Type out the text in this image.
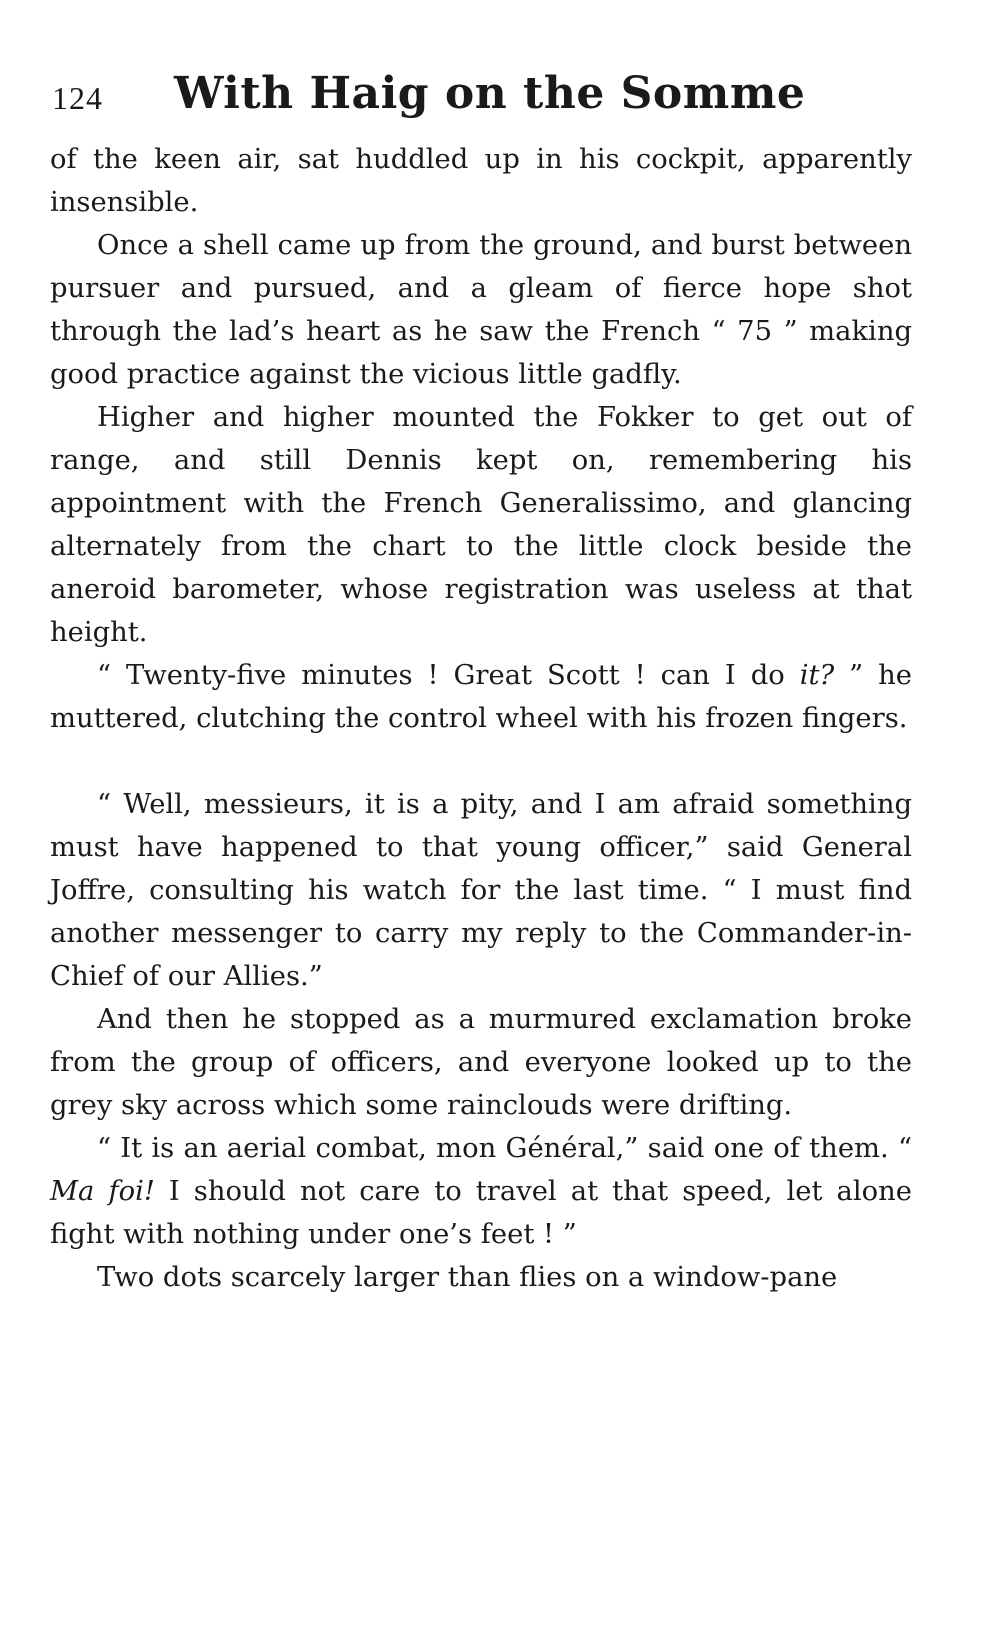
124 With Haig on the Somme

of the keen air, sat huddled up in his cockpit, apparently insensible.

Once a shell came up from the ground, and burst between pursuer and pursued, and a gleam of fierce hope shot through the lad’s heart as he saw the French “ 75 ” making good practice against the vicious little gadfly.

Higher and higher mounted the Fokker to get out of range, and still Dennis kept on, remembering his appointment with the French Generalissimo, and glancing alternately from the chart to the little clock beside the aneroid barometer, whose registration was useless at that height.

“ Twenty-five minutes ! Great Scott ! can I do it? ” he muttered, clutching the control wheel with his frozen fingers.

“ Well, messieurs, it is a pity, and I am afraid something must have happened to that young officer,” said General Joffre, consulting his watch for the last time. “ I must find another messenger to carry my reply to the Commander-in-Chief of our Allies.”

And then he stopped as a murmured exclamation broke from the group of officers, and everyone looked up to the grey sky across which some rainclouds were drifting.

“ It is an aerial combat, mon Général,” said one of them. “ Ma foi! I should not care to travel at that speed, let alone fight with nothing under one’s feet ! ”

Two dots scarcely larger than flies on a window-pane
